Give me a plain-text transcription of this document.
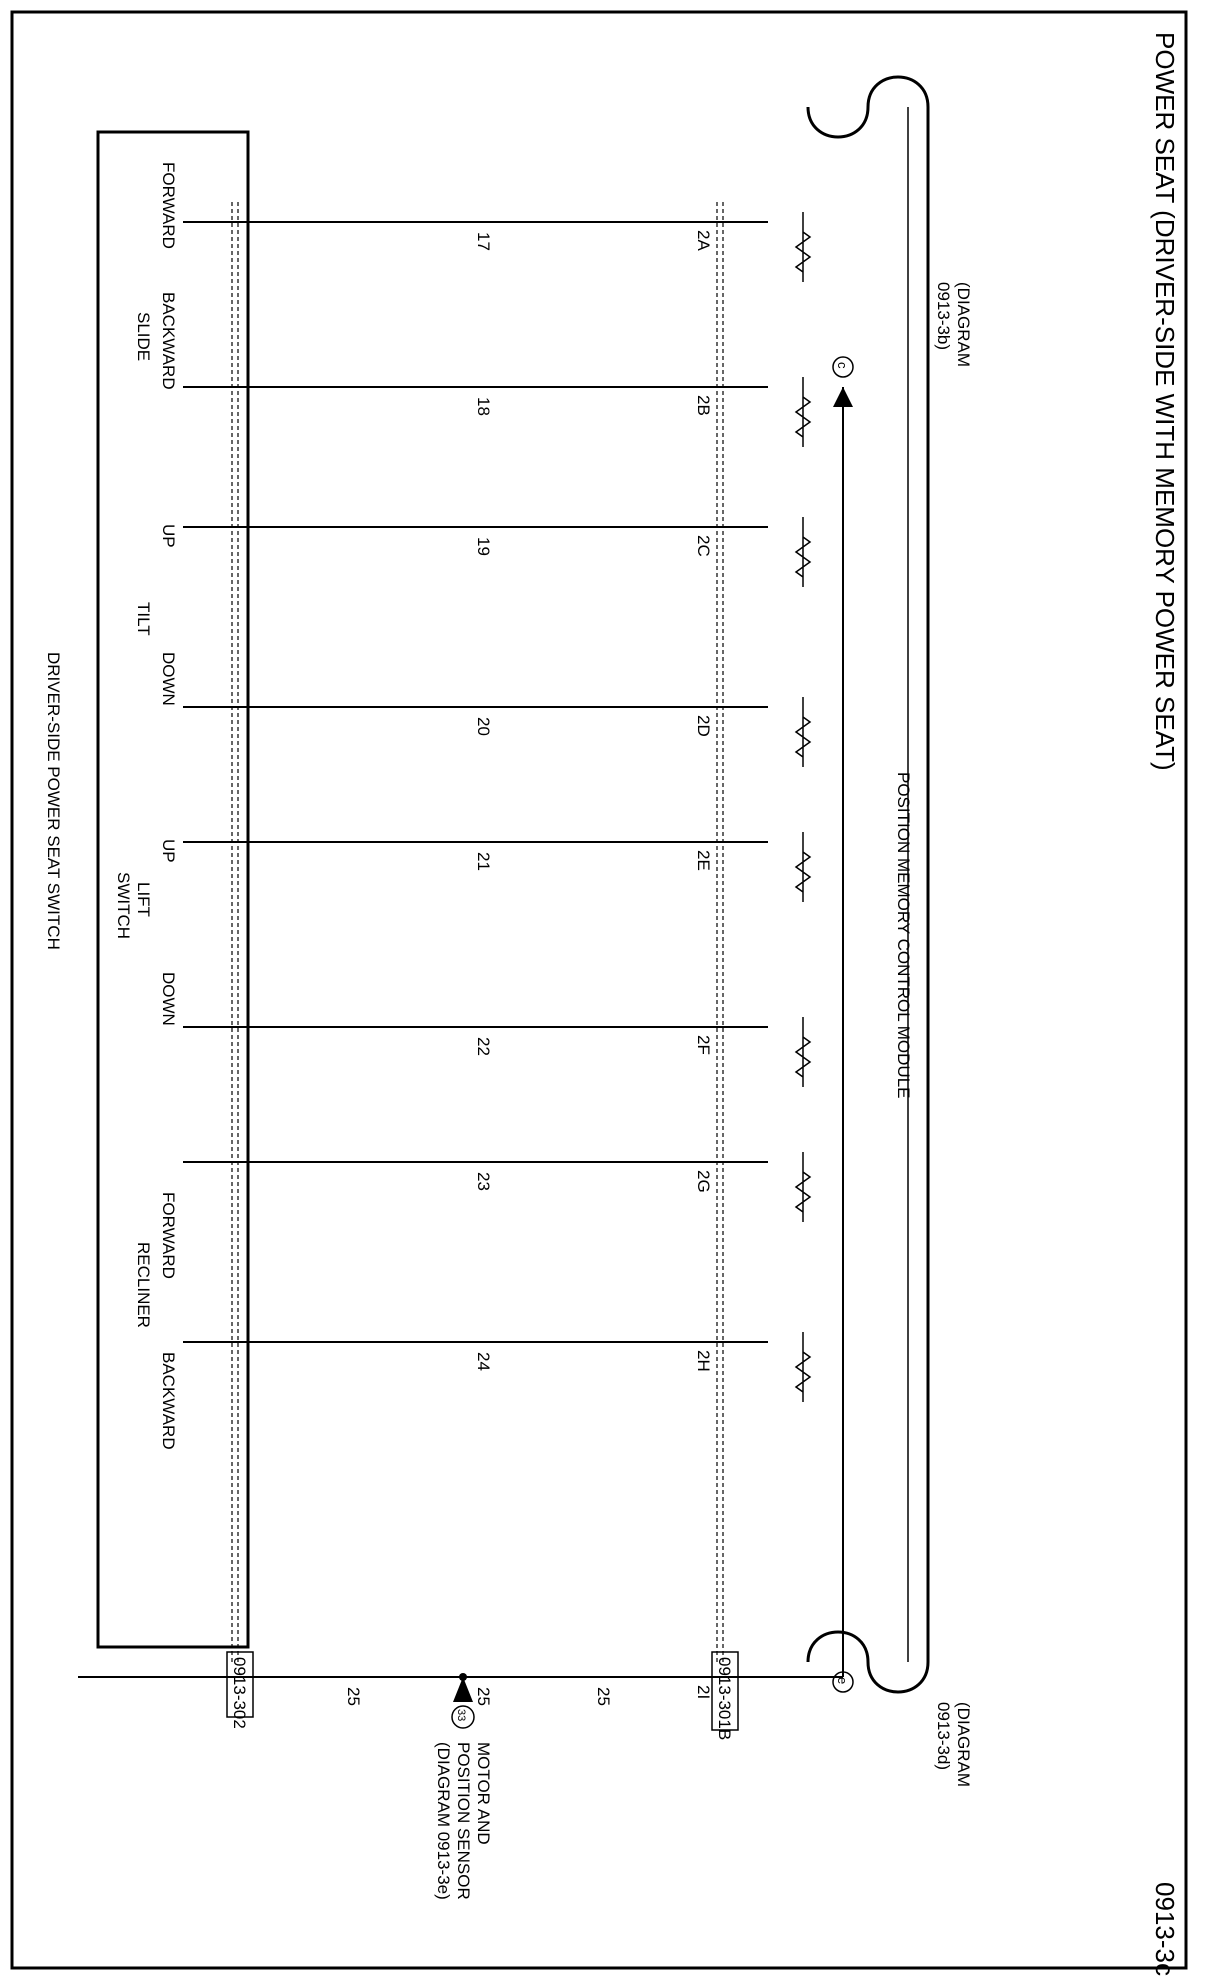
POWER SEAT (DRIVER-SIDE WITH MEMORY POWER SEAT)
0913-3c
POSITION MEMORY CONTROL MODULE
0913-301B
0913-302
DRIVER-SIDE POWER SEAT SWITCH
17	2A
FORWARD
18	2B
BACKWARD
19	2C
UP
20	2D
DOWN
21	2E
UP
22	2F
DOWN
23	2G
FORWARD
24	2H
BACKWARD
c	(DIAGRAM
0913-3b)
e
(DIAGRAM
0913-3d)
2I
25
25	25
SLIDE
TILT
LIFT
SWITCH
RECLINER
33
MOTOR AND
POSITION SENSOR
(DIAGRAM 0913-3e)
